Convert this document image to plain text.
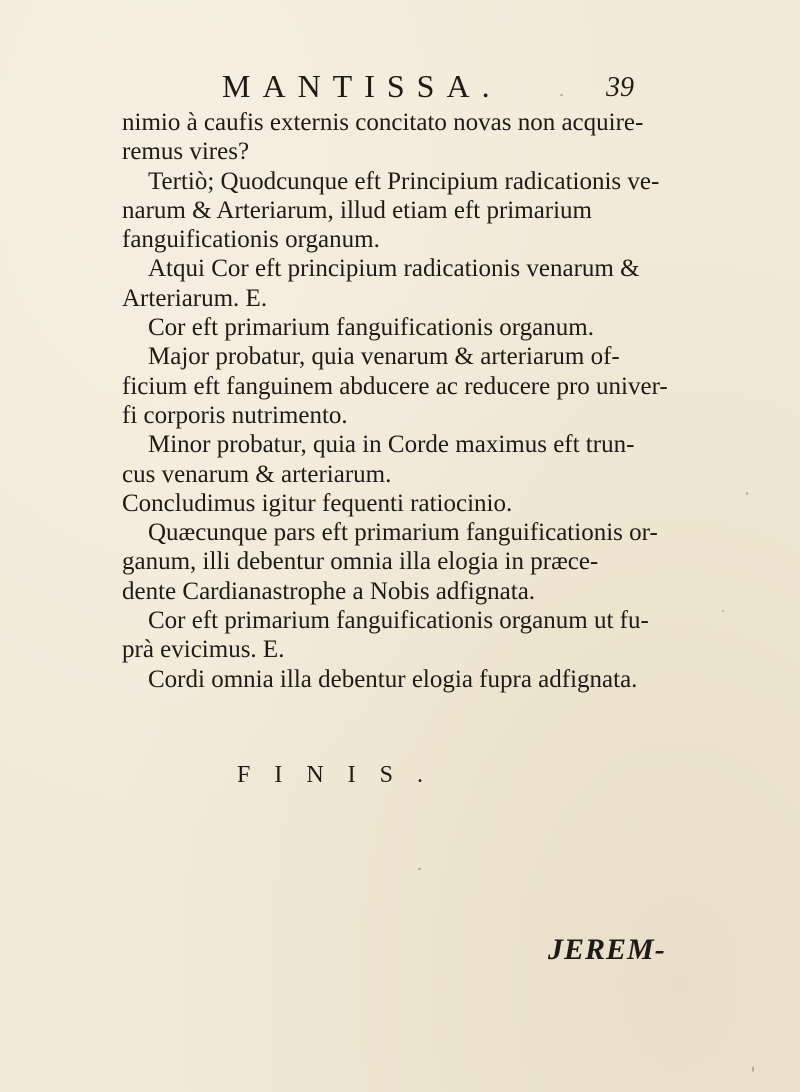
MANTISSA.	39
nimio à caufis externis concitato novas non acquire-
remus vires?
Tertiò; Quodcunque eft Principium radicationis ve-
narum & Arteriarum, illud etiam eft primarium
fanguificationis organum.
Atqui Cor eft principium radicationis venarum &
Arteriarum. E.
Cor eft primarium fanguificationis organum.
Major probatur, quia venarum & arteriarum of-
ficium eft fanguinem abducere ac reducere pro univer-
fi corporis nutrimento.
Minor probatur, quia in Corde maximus eft trun-
cus venarum & arteriarum.
Concludimus igitur fequenti ratiocinio.
Quæcunque pars eft primarium fanguificationis or-
ganum, illi debentur omnia illa elogia in præce-
dente Cardianastrophe a Nobis adfignata.
Cor eft primarium fanguificationis organum ut fu-
prà evicimus. E.
Cordi omnia illa debentur elogia fupra adfignata.
FINIS.
JEREM-
